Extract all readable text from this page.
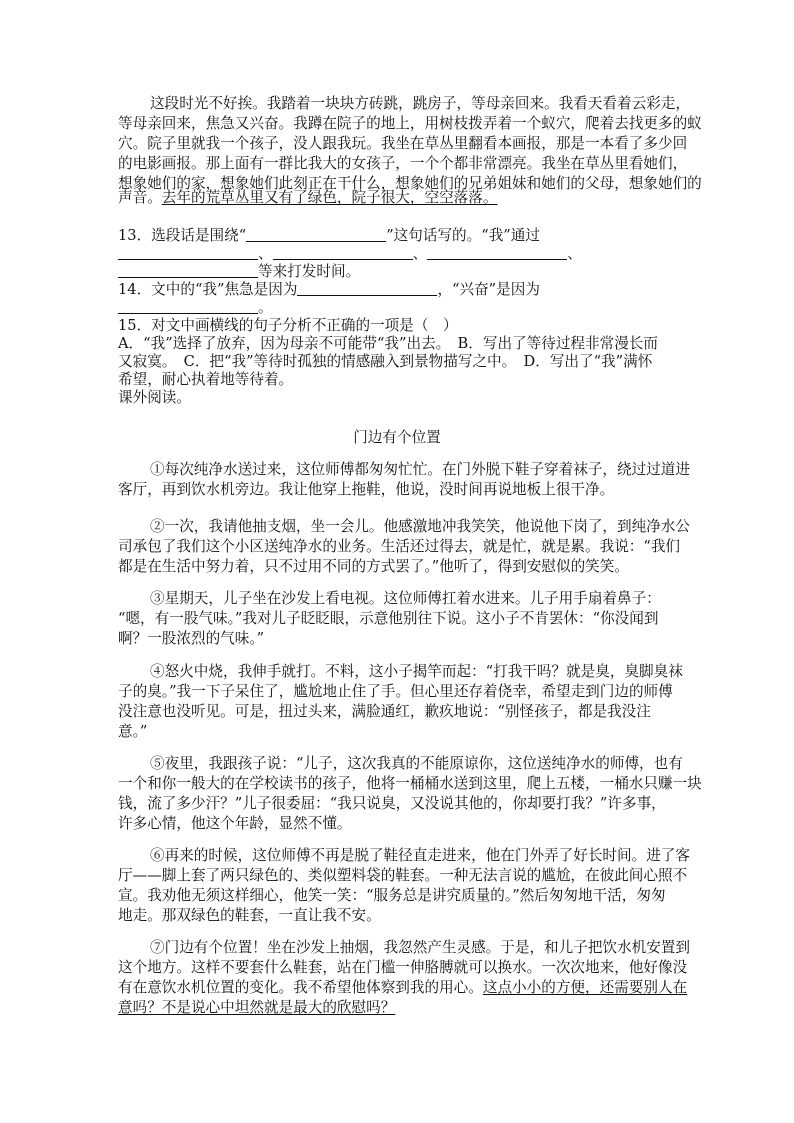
这段时光不好挨。我踏着一块块方砖跳，跳房子，等母亲回来。我看天看着云彩走，
等母亲回来，焦急又兴奋。我蹲在院子的地上，用树枝拨弄着一个蚁穴，爬着去找更多的蚁
穴。院子里就我一个孩子，没人跟我玩。我坐在草丛里翻看本画报，那是一本看了多少回
的电影画报。那上面有一群比我大的女孩子，一个个都非常漂亮。我坐在草丛里看她们，
想象她们的家，想象她们此刻正在干什么，想象她们的兄弟姐妹和她们的父母，想象她们的
声音。去年的荒草丛里又有了绿色，院子很大，空空落落。
13．选段话是围绕“	”这句话写的。“我”通过
、	、	、
等来打发时间。
14．文中的“我”焦急是因为	，“兴奋”是因为
。
15．对文中画横线的句子分析不正确的一项是（　）
A．“我”选择了放弃，因为母亲不可能带“我”出去。　B．写出了等待过程非常漫长而
又寂寞。　C．把“我”等待时孤独的情感融入到景物描写之中。　D．写出了“我”满怀
希望，耐心执着地等待着。
课外阅读。
门边有个位置
①每次纯净水送过来，这位师傅都匆匆忙忙。在门外脱下鞋子穿着袜子，绕过过道进
客厅，再到饮水机旁边。我让他穿上拖鞋，他说，没时间再说地板上很干净。
②一次，我请他抽支烟，坐一会儿。他感激地冲我笑笑，他说他下岗了，到纯净水公
司承包了我们这个小区送纯净水的业务。生活还过得去，就是忙，就是累。我说：“我们
都是在生活中努力着，只不过用不同的方式罢了。”他听了，得到安慰似的笑笑。
③星期天，儿子坐在沙发上看电视。这位师傅扛着水进来。儿子用手扇着鼻子：
“嗯，有一股气味。”我对儿子眨眨眼，示意他别往下说。这小子不肯罢休：“你没闻到
啊？一股浓烈的气味。”
④怒火中烧，我伸手就打。不料，这小子揭竿而起：“打我干吗？就是臭，臭脚臭袜
子的臭。”我一下子呆住了，尴尬地止住了手。但心里还存着侥幸，希望走到门边的师傅
没注意也没听见。可是，扭过头来，满脸通红，歉疚地说：“别怪孩子，都是我没注
意。”
⑤夜里，我跟孩子说：“儿子，这次我真的不能原谅你，这位送纯净水的师傅，也有
一个和你一般大的在学校读书的孩子，他将一桶桶水送到这里，爬上五楼，一桶水只赚一块
钱，流了多少汗？”儿子很委屈：“我只说臭，又没说其他的，你却要打我？”许多事，
许多心情，他这个年龄，显然不懂。
⑥再来的时候，这位师傅不再是脱了鞋径直走进来，他在门外弄了好长时间。进了客
厅——脚上套了两只绿色的、类似塑料袋的鞋套。一种无法言说的尴尬，在彼此间心照不
宣。我劝他无须这样细心，他笑一笑：“服务总是讲究质量的。”然后匆匆地干活，匆匆
地走。那双绿色的鞋套，一直让我不安。
⑦门边有个位置！坐在沙发上抽烟，我忽然产生灵感。于是，和儿子把饮水机安置到
这个地方。这样不要套什么鞋套，站在门槛一伸胳膊就可以换水。一次次地来，他好像没
有在意饮水机位置的变化。我不希望他体察到我的用心。这点小小的方便，还需要别人在
意吗？不是说心中坦然就是最大的欣慰吗？
